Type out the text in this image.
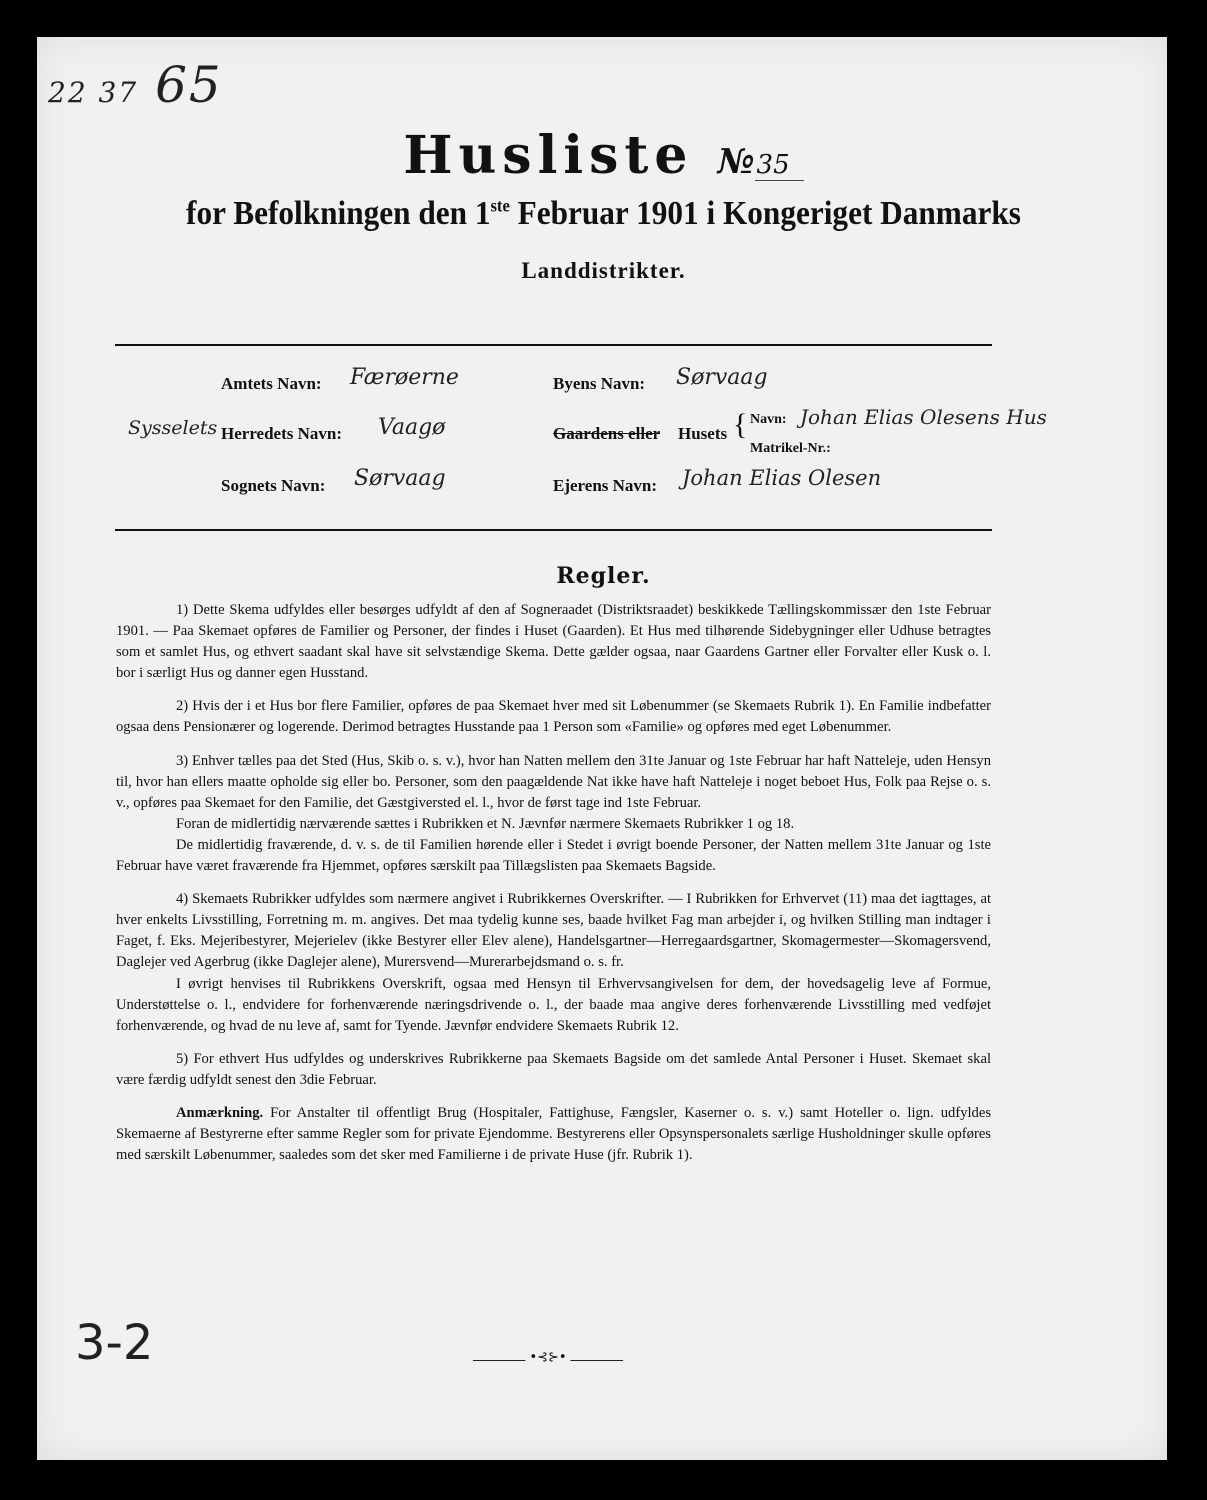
22 37 65
Husliste №35
for Befolkningen den 1ste Februar 1901 i Kongeriget Danmarks
Landdistrikter.
Amtets Navn: Færøerne	Byens Navn: Sørvaag
Sysselets Herredets Navn: Vaagø	Gaardens eller Husets { Navn: Johan Elias Olesens Hus
Matrikel-Nr.:
Sognets Navn: Sørvaag	Ejerens Navn: Johan Elias Olesen
Regler.

1) Dette Skema udfyldes eller besørges udfyldt af den af Sogneraadet (Distriktsraadet) beskikkede Tællingskommissær den 1ste Februar 1901. — Paa Skemaet opføres de Familier og Personer, der findes i Huset (Gaarden). Et Hus med tilhørende Sidebygninger eller Udhuse betragtes som et samlet Hus, og ethvert saadant skal have sit selvstændige Skema. Dette gælder ogsaa, naar Gaardens Gartner eller Forvalter eller Kusk o. l. bor i særligt Hus og danner egen Husstand.

2) Hvis der i et Hus bor flere Familier, opføres de paa Skemaet hver med sit Løbenummer (se Skemaets Rubrik 1). En Familie indbefatter ogsaa dens Pensionærer og logerende. Derimod betragtes Husstande paa 1 Person som «Familie» og opføres med eget Løbenummer.

3) Enhver tælles paa det Sted (Hus, Skib o. s. v.), hvor han Natten mellem den 31te Januar og 1ste Februar har haft Natteleje, uden Hensyn til, hvor han ellers maatte opholde sig eller bo. Personer, som den paagældende Nat ikke have haft Natteleje i noget beboet Hus, Folk paa Rejse o. s. v., opføres paa Skemaet for den Familie, det Gæstgiversted el. l., hvor de først tage ind 1ste Februar.

Foran de midlertidig nærværende sættes i Rubrikken et N. Jævnfør nærmere Skemaets Rubrikker 1 og 18.

De midlertidig fraværende, d. v. s. de til Familien hørende eller i Stedet i øvrigt boende Personer, der Natten mellem 31te Januar og 1ste Februar have været fraværende fra Hjemmet, opføres særskilt paa Tillægslisten paa Skemaets Bagside.

4) Skemaets Rubrikker udfyldes som nærmere angivet i Rubrikkernes Overskrifter. — I Rubrikken for Erhvervet (11) maa det iagttages, at hver enkelts Livsstilling, Forretning m. m. angives. Det maa tydelig kunne ses, baade hvilket Fag man arbejder i, og hvilken Stilling man indtager i Faget, f. Eks. Mejeribestyrer, Mejerielev (ikke Bestyrer eller Elev alene), Handelsgartner—Herregaardsgartner, Skomagermester—Skomagersvend, Daglejer ved Agerbrug (ikke Daglejer alene), Murersvend—Murerarbejdsmand o. s. fr.

I øvrigt henvises til Rubrikkens Overskrift, ogsaa med Hensyn til Erhvervsangivelsen for dem, der hovedsagelig leve af Formue, Understøttelse o. l., endvidere for forhenværende næringsdrivende o. l., der baade maa angive deres forhenværende Livsstilling med vedføjet forhenværende, og hvad de nu leve af, samt for Tyende. Jævnfør endvidere Skemaets Rubrik 12.

5) For ethvert Hus udfyldes og underskrives Rubrikkerne paa Skemaets Bagside om det samlede Antal Personer i Huset. Skemaet skal være færdig udfyldt senest den 3die Februar.

Anmærkning. For Anstalter til offentligt Brug (Hospitaler, Fattighuse, Fængsler, Kaserner o. s. v.) samt Hoteller o. lign. udfyldes Skemaerne af Bestyrerne efter samme Regler som for private Ejendomme. Bestyrerens eller Opsynspersonalets særlige Husholdninger skulle opføres med særskilt Løbenummer, saaledes som det sker med Familierne i de private Huse (jfr. Rubrik 1).

3-2	•⊰⊱•
